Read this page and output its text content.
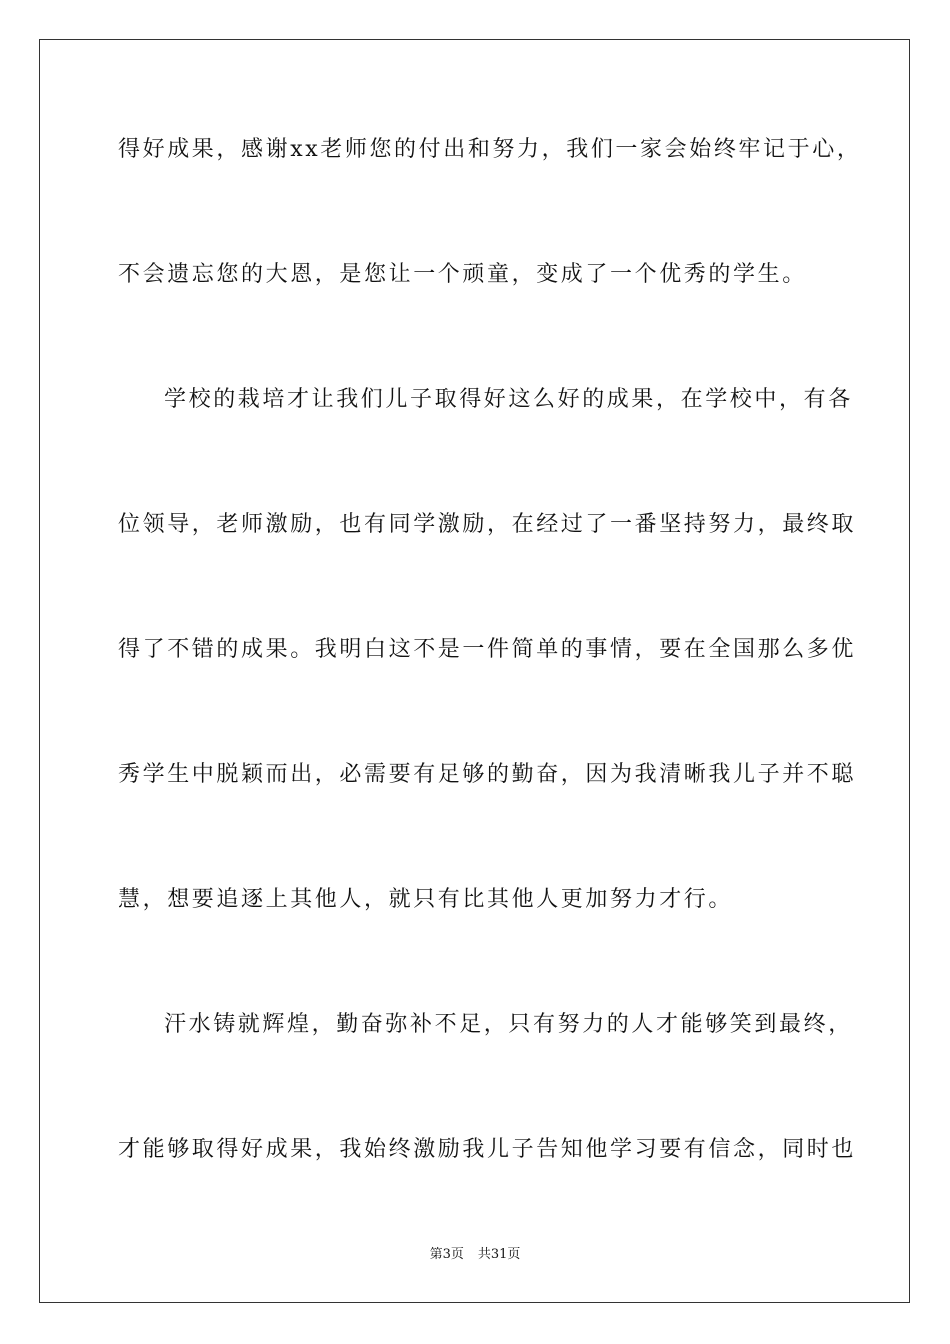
得好成果，感谢xx老师您的付出和努力，我们一家会始终牢记于心，
不会遗忘您的大恩，是您让一个顽童，变成了一个优秀的学生。
学校的栽培才让我们儿子取得好这么好的成果，在学校中，有各
位领导，老师激励，也有同学激励，在经过了一番坚持努力，最终取
得了不错的成果。我明白这不是一件简单的事情，要在全国那么多优
秀学生中脱颖而出，必需要有足够的勤奋，因为我清晰我儿子并不聪
慧，想要追逐上其他人，就只有比其他人更加努力才行。
汗水铸就辉煌，勤奋弥补不足，只有努力的人才能够笑到最终，
才能够取得好成果，我始终激励我儿子告知他学习要有信念，同时也
第3页 共31页
